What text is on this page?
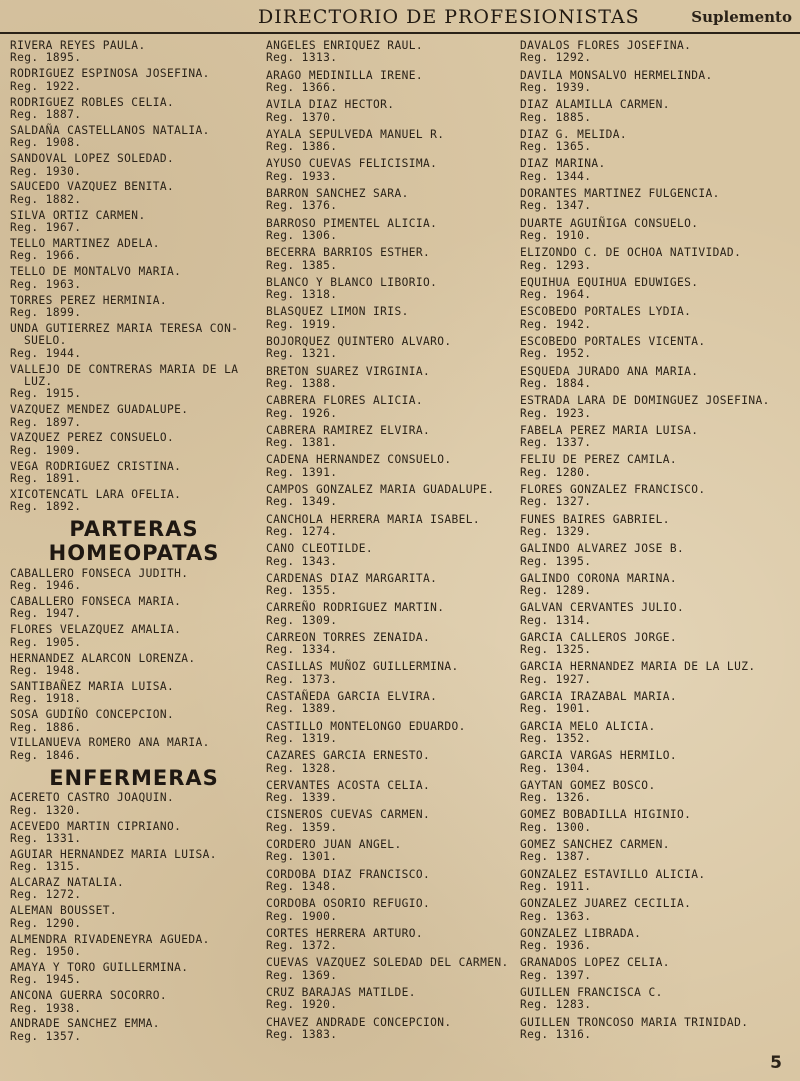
DIRECTORIO DE PROFESIONISTAS	Suplemento
RIVERA REYES PAULA.
Reg. 1895.
RODRIGUEZ ESPINOSA JOSEFINA.
Reg. 1922.
RODRIGUEZ ROBLES CELIA.
Reg. 1887.
SALDAÑA CASTELLANOS NATALIA.
Reg. 1908.
SANDOVAL LOPEZ SOLEDAD.
Reg. 1930.
SAUCEDO VAZQUEZ BENITA.
Reg. 1882.
SILVA ORTIZ CARMEN.
Reg. 1967.
TELLO MARTINEZ ADELA.
Reg. 1966.
TELLO DE MONTALVO MARIA.
Reg. 1963.
TORRES PEREZ HERMINIA.
Reg. 1899.
UNDA GUTIERREZ MARIA TERESA CON-
SUELO.
Reg. 1944.
VALLEJO DE CONTRERAS MARIA DE LA
LUZ.
Reg. 1915.
VAZQUEZ MENDEZ GUADALUPE.
Reg. 1897.
VAZQUEZ PEREZ CONSUELO.
Reg. 1909.
VEGA RODRIGUEZ CRISTINA.
Reg. 1891.
XICOTENCATL LARA OFELIA.
Reg. 1892.
PARTERAS HOMEOPATAS
CABALLERO FONSECA JUDITH.
Reg. 1946.
CABALLERO FONSECA MARIA.
Reg. 1947.
FLORES VELAZQUEZ AMALIA.
Reg. 1905.
HERNANDEZ ALARCON LORENZA.
Reg. 1948.
SANTIBAÑEZ MARIA LUISA.
Reg. 1918.
SOSA GUDIÑO CONCEPCION.
Reg. 1886.
VILLANUEVA ROMERO ANA MARIA.
Reg. 1846.
ENFERMERAS
ACERETO CASTRO JOAQUIN.
Reg. 1320.
ACEVEDO MARTIN CIPRIANO.
Reg. 1331.
AGUIAR HERNANDEZ MARIA LUISA.
Reg. 1315.
ALCARAZ NATALIA.
Reg. 1272.
ALEMAN BOUSSET.
Reg. 1290.
ALMENDRA RIVADENEYRA AGUEDA.
Reg. 1950.
AMAYA Y TORO GUILLERMINA.
Reg. 1945.
ANCONA GUERRA SOCORRO.
Reg. 1938.
ANDRADE SANCHEZ EMMA.
Reg. 1357.
ANGELES ENRIQUEZ RAUL.
Reg. 1313.
ARAGO MEDINILLA IRENE.
Reg. 1366.
AVILA DIAZ HECTOR.
Reg. 1370.
AYALA SEPULVEDA MANUEL R.
Reg. 1386.
AYUSO CUEVAS FELICISIMA.
Reg. 1933.
BARRON SANCHEZ SARA.
Reg. 1376.
BARROSO PIMENTEL ALICIA.
Reg. 1306.
BECERRA BARRIOS ESTHER.
Reg. 1385.
BLANCO Y BLANCO LIBORIO.
Reg. 1318.
BLASQUEZ LIMON IRIS.
Reg. 1919.
BOJORQUEZ QUINTERO ALVARO.
Reg. 1321.
BRETON SUAREZ VIRGINIA.
Reg. 1388.
CABRERA FLORES ALICIA.
Reg. 1926.
CABRERA RAMIREZ ELVIRA.
Reg. 1381.
CADENA HERNANDEZ CONSUELO.
Reg. 1391.
CAMPOS GONZALEZ MARIA GUADALUPE.
Reg. 1349.
CANCHOLA HERRERA MARIA ISABEL.
Reg. 1274.
CANO CLEOTILDE.
Reg. 1343.
CARDENAS DIAZ MARGARITA.
Reg. 1355.
CARREÑO RODRIGUEZ MARTIN.
Reg. 1309.
CARREON TORRES ZENAIDA.
Reg. 1334.
CASILLAS MUÑOZ GUILLERMINA.
Reg. 1373.
CASTAÑEDA GARCIA ELVIRA.
Reg. 1389.
CASTILLO MONTELONGO EDUARDO.
Reg. 1319.
CAZARES GARCIA ERNESTO.
Reg. 1328.
CERVANTES ACOSTA CELIA.
Reg. 1339.
CISNEROS CUEVAS CARMEN.
Reg. 1359.
CORDERO JUAN ANGEL.
Reg. 1301.
CORDOBA DIAZ FRANCISCO.
Reg. 1348.
CORDOBA OSORIO REFUGIO.
Reg. 1900.
CORTES HERRERA ARTURO.
Reg. 1372.
CUEVAS VAZQUEZ SOLEDAD DEL CARMEN.
Reg. 1369.
CRUZ BARAJAS MATILDE.
Reg. 1920.
CHAVEZ ANDRADE CONCEPCION.
Reg. 1383.
DAVALOS FLORES JOSEFINA.
Reg. 1292.
DAVILA MONSALVO HERMELINDA.
Reg. 1939.
DIAZ ALAMILLA CARMEN.
Reg. 1885.
DIAZ G. MELIDA.
Reg. 1365.
DIAZ MARINA.
Reg. 1344.
DORANTES MARTINEZ FULGENCIA.
Reg. 1347.
DUARTE AGUIÑIGA CONSUELO.
Reg. 1910.
ELIZONDO C. DE OCHOA NATIVIDAD.
Reg. 1293.
EQUIHUA EQUIHUA EDUWIGES.
Reg. 1964.
ESCOBEDO PORTALES LYDIA.
Reg. 1942.
ESCOBEDO PORTALES VICENTA.
Reg. 1952.
ESQUEDA JURADO ANA MARIA.
Reg. 1884.
ESTRADA LARA DE DOMINGUEZ JOSEFINA.
Reg. 1923.
FABELA PEREZ MARIA LUISA.
Reg. 1337.
FELIU DE PEREZ CAMILA.
Reg. 1280.
FLORES GONZALEZ FRANCISCO.
Reg. 1327.
FUNES BAIRES GABRIEL.
Reg. 1329.
GALINDO ALVAREZ JOSE B.
Reg. 1395.
GALINDO CORONA MARINA.
Reg. 1289.
GALVAN CERVANTES JULIO.
Reg. 1314.
GARCIA CALLEROS JORGE.
Reg. 1325.
GARCIA HERNANDEZ MARIA DE LA LUZ.
Reg. 1927.
GARCIA IRAZABAL MARIA.
Reg. 1901.
GARCIA MELO ALICIA.
Reg. 1352.
GARCIA VARGAS HERMILO.
Reg. 1304.
GAYTAN GOMEZ BOSCO.
Reg. 1326.
GOMEZ BOBADILLA HIGINIO.
Reg. 1300.
GOMEZ SANCHEZ CARMEN.
Reg. 1387.
GONZALEZ ESTAVILLO ALICIA.
Reg. 1911.
GONZALEZ JUAREZ CECILIA.
Reg. 1363.
GONZALEZ LIBRADA.
Reg. 1936.
GRANADOS LOPEZ CELIA.
Reg. 1397.
GUILLEN FRANCISCA C.
Reg. 1283.
GUILLEN TRONCOSO MARIA TRINIDAD.
Reg. 1316.
5
